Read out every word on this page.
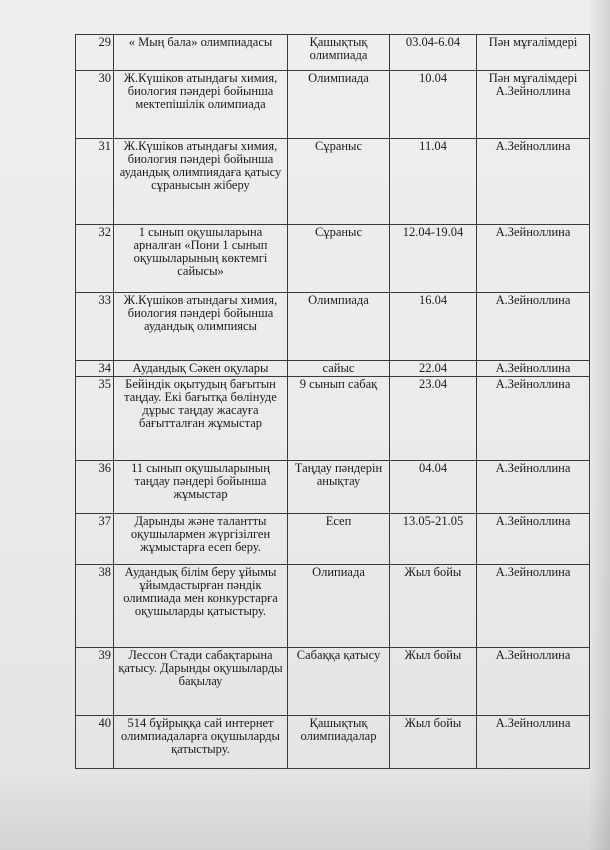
29	« Мың бала» олимпиадасы	Қашықтық олимпиада	03.04-6.04	Пән мұғалімдері
30	Ж.Күшіков атындағы химия, биология пәндері бойынша мектепішілік олимпиада	Олимпиада	10.04	Пән мұғалімдері А.Зейноллина
31	Ж.Күшіков атындағы химия, биология пәндері бойынша аудандық олимпиядаға қатысу сұранысын жіберу	Сұраныс	11.04	А.Зейноллина
32	1 сынып оқушыларына арналған «Пони 1 сынып оқушыларының көктемгі сайысы»	Сұраныс	12.04-19.04	А.Зейноллина
33	Ж.Күшіков атындағы химия, биология пәндері бойынша аудандық олимпиясы	Олимпиада	16.04	А.Зейноллина
34	Аудандық Сәкен оқулары	сайыс	22.04	А.Зейноллина
35	Бейіндік оқытудың бағытын таңдау. Екі бағытқа бөлінуде дұрыс таңдау жасауға бағытталған жұмыстар	9 сынып сабақ	23.04	А.Зейноллина
36	11 сынып оқушыларының таңдау пәндері бойынша жұмыстар	Таңдау пәндерін анықтау	04.04	А.Зейноллина
37	Дарынды және талантты оқушылармен жүргізілген жұмыстарға есеп беру.	Есеп	13.05-21.05	А.Зейноллина
38	Аудандық білім беру ұйымы ұйымдастырған пәндік олимпиада мен конкурстарға оқушыларды қатыстыру.	Олипиада	Жыл бойы	А.Зейноллина
39	Лессон Стади сабақтарына қатысу. Дарынды оқушыларды бақылау	Сабаққа қатысу	Жыл бойы	А.Зейноллина
40	514 бұйрыққа сай интернет олимпиадаларға оқушыларды қатыстыру.	Қашықтық олимпиадалар	Жыл бойы	А.Зейноллина
